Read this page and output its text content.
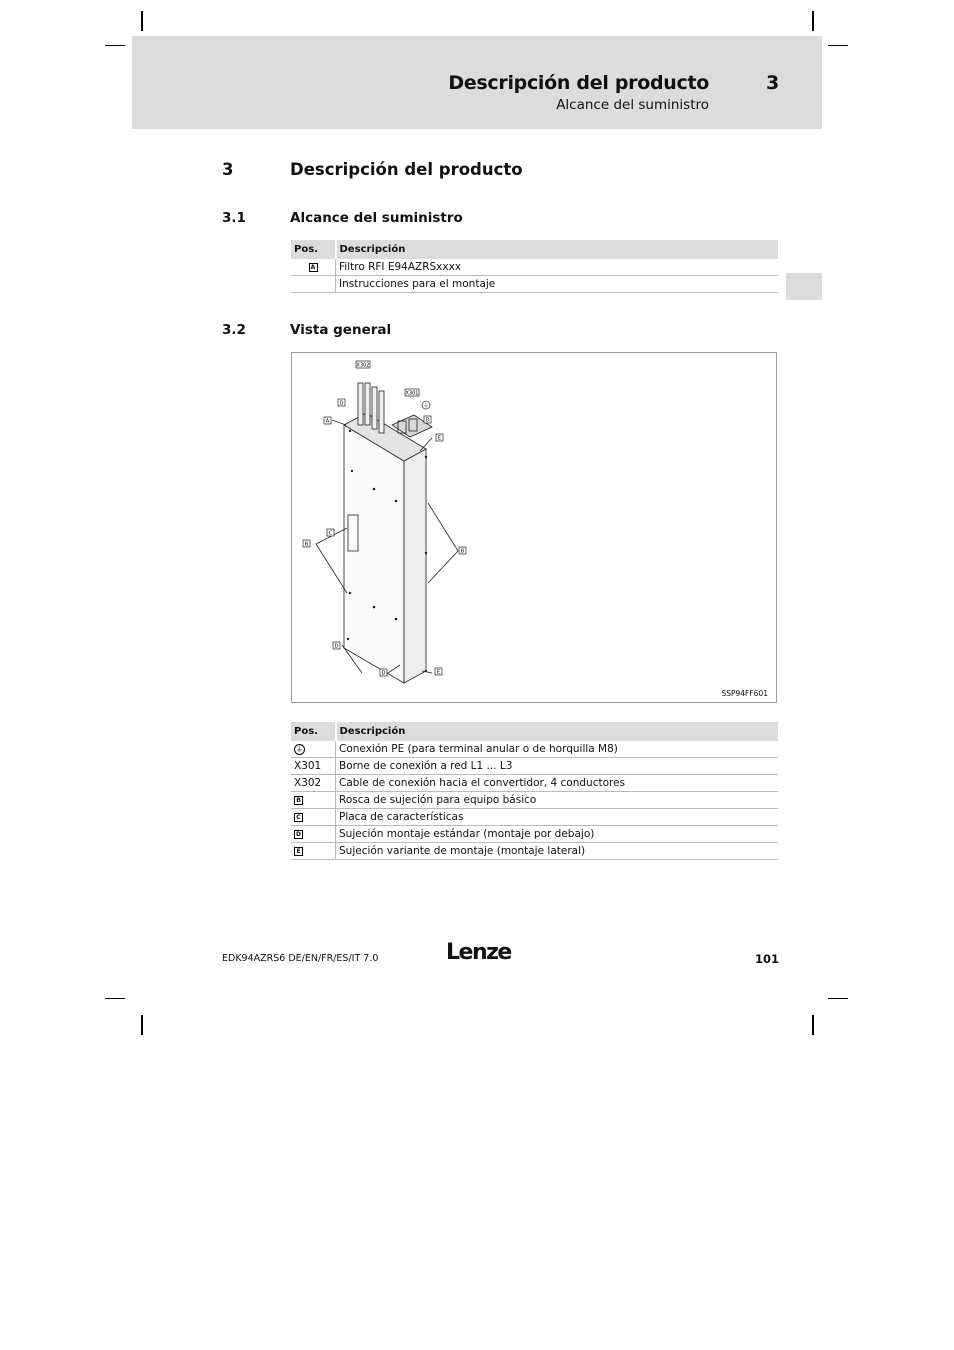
Descripción del producto	3
Alcance del suministro
3	Descripción del producto
3.1	Alcance del suministro
Pos.	Descripción
A	Filtro RFI E94AZRSxxxx
	Instrucciones para el montaje
3.2	Vista general
X302
X301
D
A	D
E
C
B
B
D
D	E
⏚
SSP94FF601
Pos.	Descripción
⏚	Conexión PE (para terminal anular o de horquilla M8)
X301	Borne de conexión a red L1 ... L3
X302	Cable de conexión hacia el convertidor, 4 conductores
B	Rosca de sujeción para equipo básico
C	Placa de características
D	Sujeción montaje estándar (montaje por debajo)
E	Sujeción variante de montaje (montaje lateral)
EDK94AZRS6 DE/EN/FR/ES/IT 7.0	Lenze	101
